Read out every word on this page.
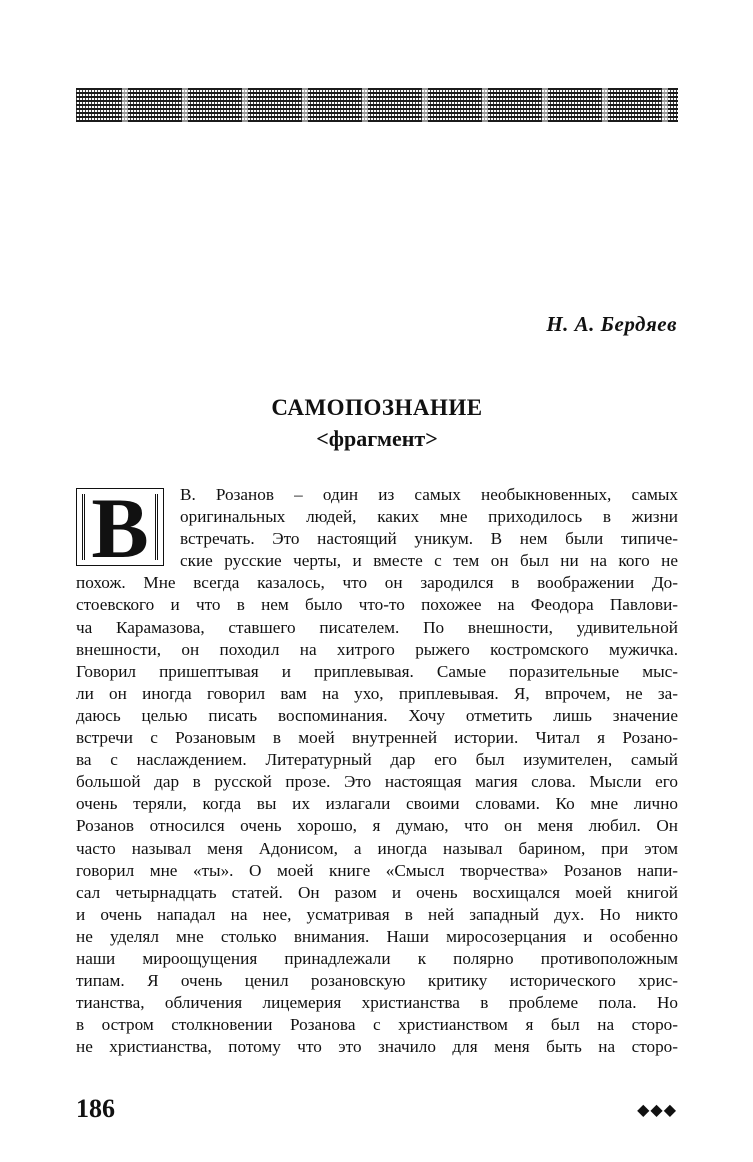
Н. А. Бердяев
САМОПОЗНАНИЕ
<фрагмент>
В	В. Розанов – один из самых необыкновенных, самых
оригинальных людей, каких мне приходилось в жизни
встречать. Это настоящий уникум. В нем были типиче-
ские русские черты, и вместе с тем он был ни на кого не
похож. Мне всегда казалось, что он зародился в воображении До-
стоевского и что в нем было что-то похожее на Феодора Павлови-
ча Карамазова, ставшего писателем. По внешности, удивительной
внешности, он походил на хитрого рыжего костромского мужичка.
Говорил пришептывая и приплевывая. Самые поразительные мыс-
ли он иногда говорил вам на ухо, приплевывая. Я, впрочем, не за-
даюсь целью писать воспоминания. Хочу отметить лишь значение
встречи с Розановым в моей внутренней истории. Читал я Розано-
ва с наслаждением. Литературный дар его был изумителен, самый
большой дар в русской прозе. Это настоящая магия слова. Мысли его
очень теряли, когда вы их излагали своими словами. Ко мне лично
Розанов относился очень хорошо, я думаю, что он меня любил. Он
часто называл меня Адонисом, а иногда называл барином, при этом
говорил мне «ты». О моей книге «Смысл творчества» Розанов напи-
сал четырнадцать статей. Он разом и очень восхищался моей книгой
и очень нападал на нее, усматривая в ней западный дух. Но никто
не уделял мне столько внимания. Наши миросозерцания и особенно
наши мироощущения принадлежали к полярно противоположным
типам. Я очень ценил розановскую критику исторического хрис-
тианства, обличения лицемерия христианства в проблеме пола. Но
в остром столкновении Розанова с христианством я был на сторо-
не христианства, потому что это значило для меня быть на сторо-
186	◆◆◆
